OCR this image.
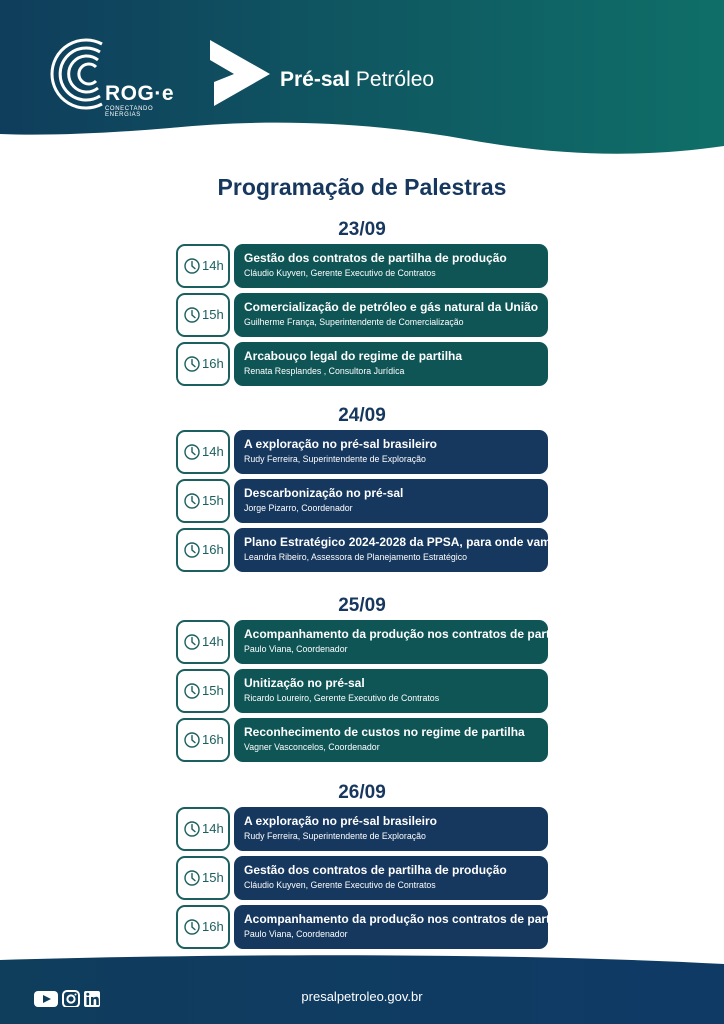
ROG·e
CONECTANDO ENERGIAS
Pré-sal Petróleo
Programação de Palestras
23/09
14h Gestão dos contratos de partilha de produção
Cláudio Kuyven, Gerente Executivo de Contratos
15h Comercialização de petróleo e gás natural da União
Guilherme França, Superintendente de Comercialização
16h Arcabouço legal do regime de partilha
Renata Resplandes , Consultora Jurídica
24/09
14h A exploração no pré-sal brasileiro
Rudy Ferreira, Superintendente de Exploração
15h Descarbonização no pré-sal
Jorge Pizarro, Coordenador
16h Plano Estratégico 2024-2028 da PPSA, para onde vamos?
Leandra Ribeiro, Assessora de Planejamento Estratégico
25/09
14h Acompanhamento da produção nos contratos de partilha
Paulo Viana, Coordenador
15h Unitização no pré-sal
Ricardo Loureiro, Gerente Executivo de Contratos
16h Reconhecimento de custos no regime de partilha
Vagner Vasconcelos, Coordenador
26/09
14h A exploração no pré-sal brasileiro
Rudy Ferreira, Superintendente de Exploração
15h Gestão dos contratos de partilha de produção
Cláudio Kuyven, Gerente Executivo de Contratos
16h Acompanhamento da produção nos contratos de partilha
Paulo Viana, Coordenador
presalpetroleo.gov.br
